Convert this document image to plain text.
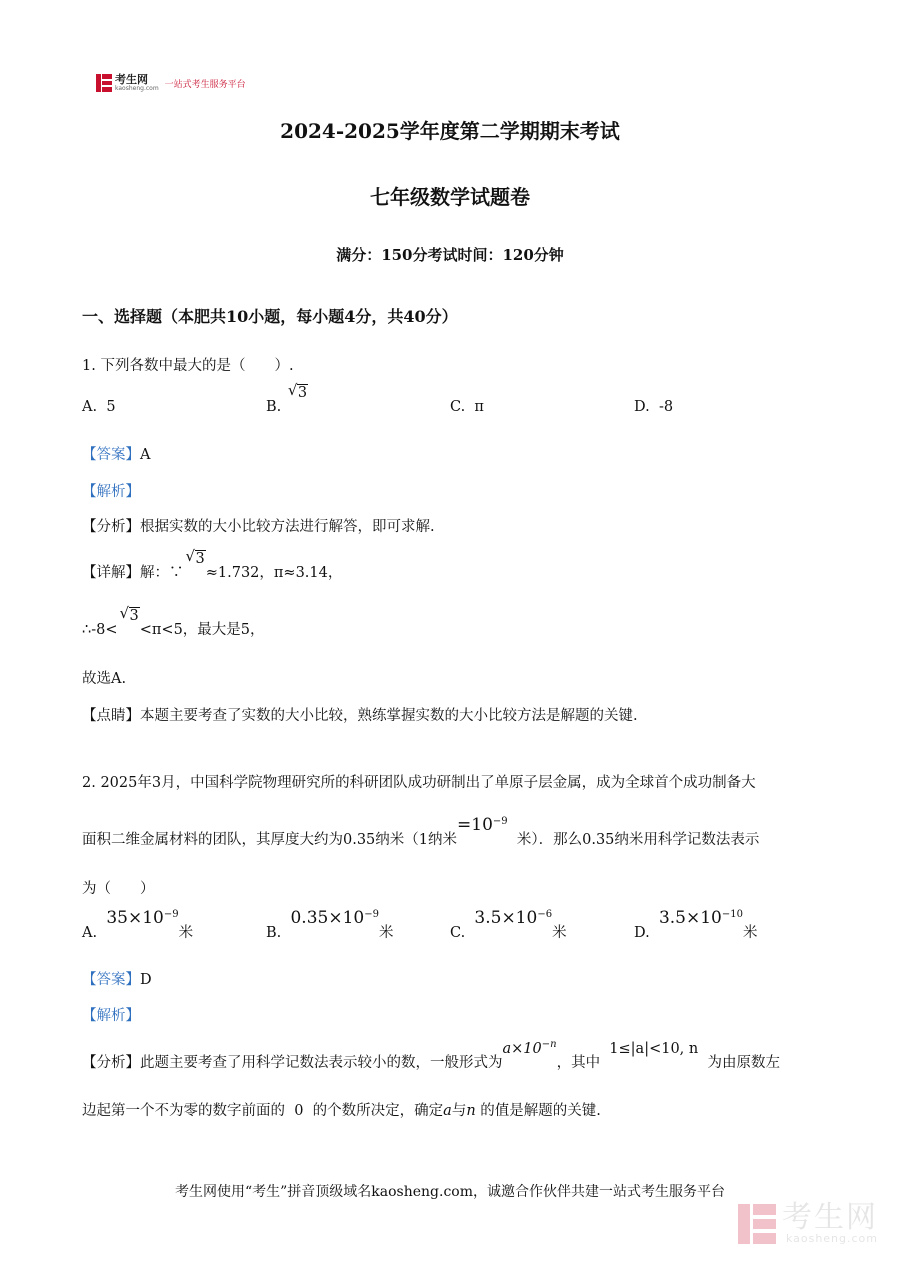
考生网
kaosheng.com 一站式考生服务平台
2024-2025学年度第二学期期末考试
七年级数学试题卷
满分：150分考试时间：120分钟
一、选择题（本肥共10小题，每小题4分，共40分）
1. 下列各数中最大的是（　　）.
A. 5	B.
√ 3
C. π	D. -8
【答案】A
【解析】
【分析】根据实数的大小比较方法进行解答，即可求解.
【详解】解：∵
√ 3≈1.732，π≈3.14，
∴-8<
√ 3<π<5，最大是5，
故选A.
【点睛】本题主要考查了实数的大小比较，熟练掌握实数的大小比较方法是解题的关键.
2. 2025年3月，中国科学院物理研究所的科研团队成功研制出了单原子层金属，成为全球首个成功制备大
面积二维金属材料的团队，其厚度大约为0.35纳米（1纳米$=10^{-9}$  米）．那么0.35纳米用科学记数法表示
为（　　）
A.  $35\times 10^{-9}$米	B.  $0.35\times 10^{-9}$米	C.  $3.5\times 10^{-6}$米	D.  $3.5\times 10^{-10}$米
【答案】D
【解析】
【分析】此题主要考查了用科学记数法表示较小的数，一般形式为$a\times 10^{-n}$，其中  1≤|a|<10, n  为由原数左
边起第一个不为零的数字前面的 0 的个数所决定，确定a与n 的值是解题的关键.
考生网使用“考生”拼音顶级域名kaosheng.com，诚邀合作伙伴共建一站式考生服务平台
考生网
kaosheng.com
